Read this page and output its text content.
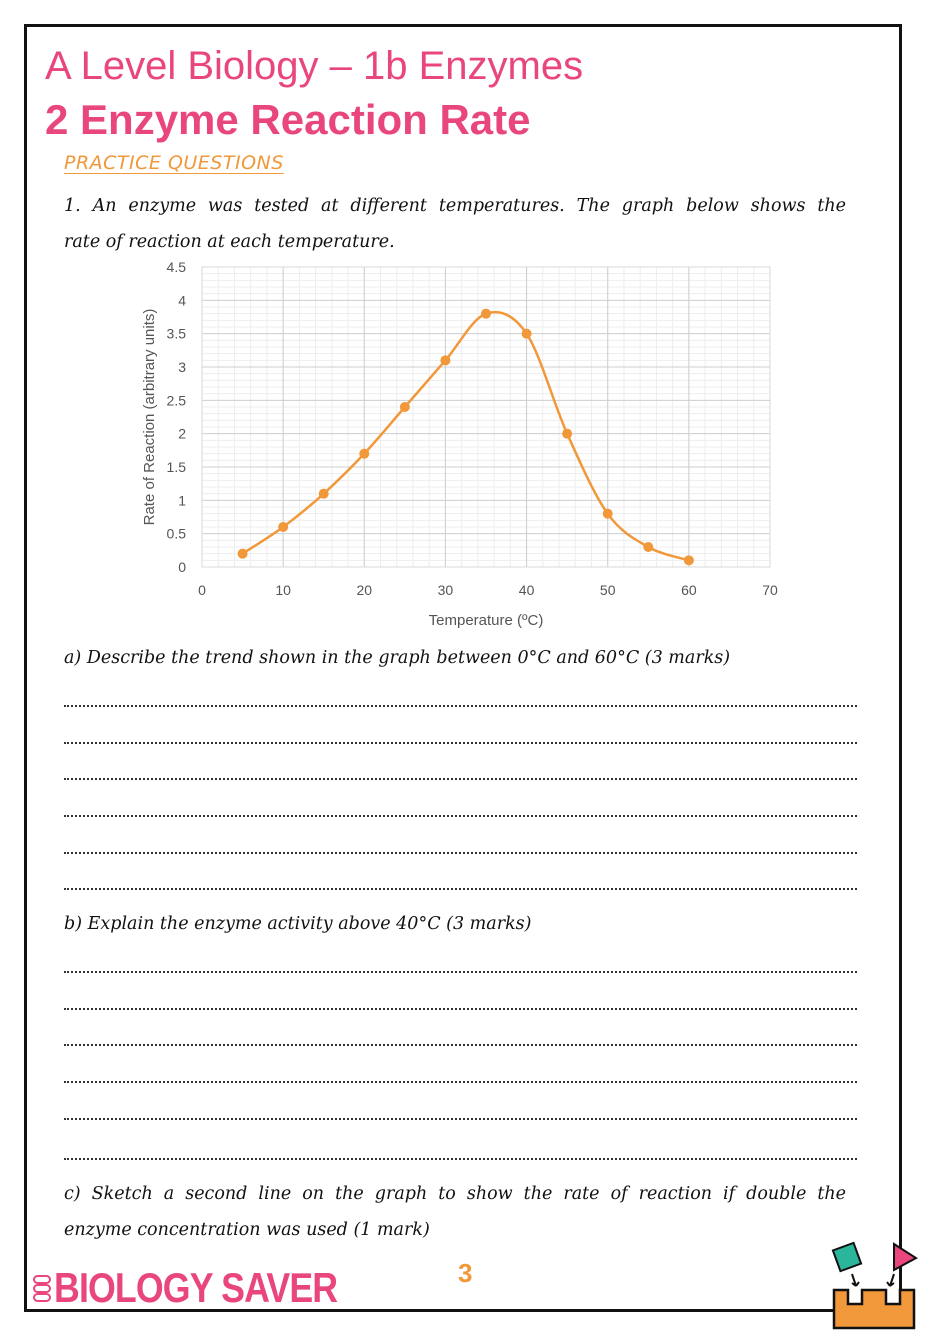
A Level Biology – 1b Enzymes
2 Enzyme Reaction Rate
PRACTICE QUESTIONS
1. An enzyme was tested at different temperatures. The graph below shows the
rate of reaction at each temperature.
0	10	20	30	40	50	60	70
0
0.5
1
1.5
2
2.5
3
3.5
4
4.5
Temperature (ºC)
Rate of Reaction (arbitrary units)
a) Describe the trend shown in the graph between 0°C and 60°C (3 marks)
b) Explain the enzyme activity above 40°C (3 marks)
c) Sketch a second line on the graph to show the rate of reaction if double the
enzyme concentration was used (1 mark)
BIOLOGY SAVER	3
